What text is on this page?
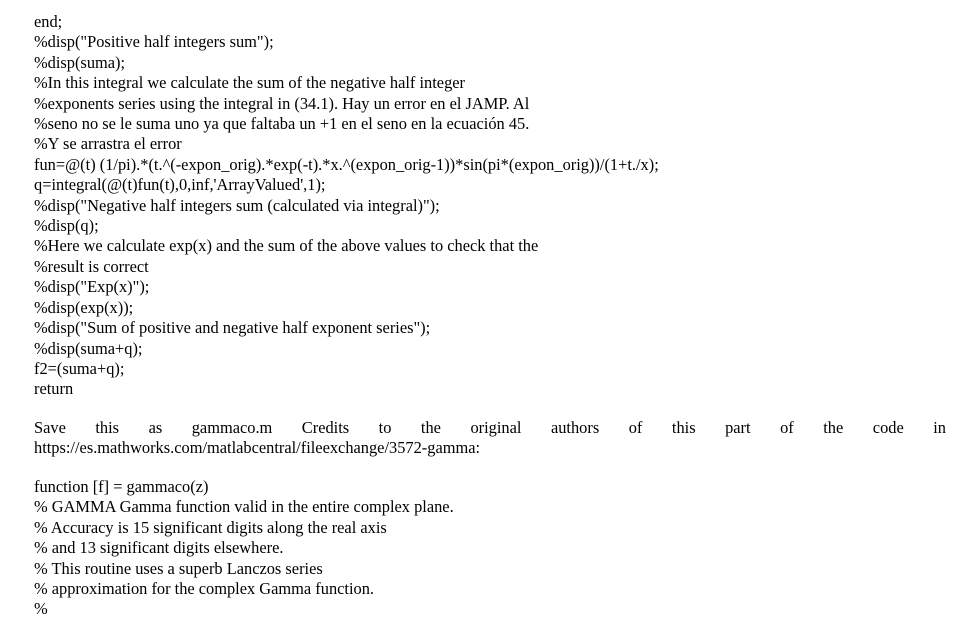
end;
%disp("Positive half integers sum");
%disp(suma);
%In this integral we calculate the sum of the negative half integer
%exponents series using the integral in (34.1). Hay un error en el JAMP. Al
%seno no se le suma uno ya que faltaba un +1 en el seno en la ecuación 45.
%Y se arrastra el error
fun=@(t) (1/pi).*(t.^(-expon_orig).*exp(-t).*x.^(expon_orig-1))*sin(pi*(expon_orig))/(1+t./x);
q=integral(@(t)fun(t),0,inf,'ArrayValued',1);
%disp("Negative half integers sum (calculated via integral)");
%disp(q);
%Here we calculate exp(x) and the sum of the above values to check that the
%result is correct
%disp("Exp(x)");
%disp(exp(x));
%disp("Sum of positive and negative half exponent series");
%disp(suma+q);
f2=(suma+q);
return

Save this as gammaco.m Credits to the original authors of this part of the code in https://es.mathworks.com/matlabcentral/fileexchange/3572-gamma:

function [f] = gammaco(z)
% GAMMA Gamma function valid in the entire complex plane.
% Accuracy is 15 significant digits along the real axis
% and 13 significant digits elsewhere.
% This routine uses a superb Lanczos series
% approximation for the complex Gamma function.
%
